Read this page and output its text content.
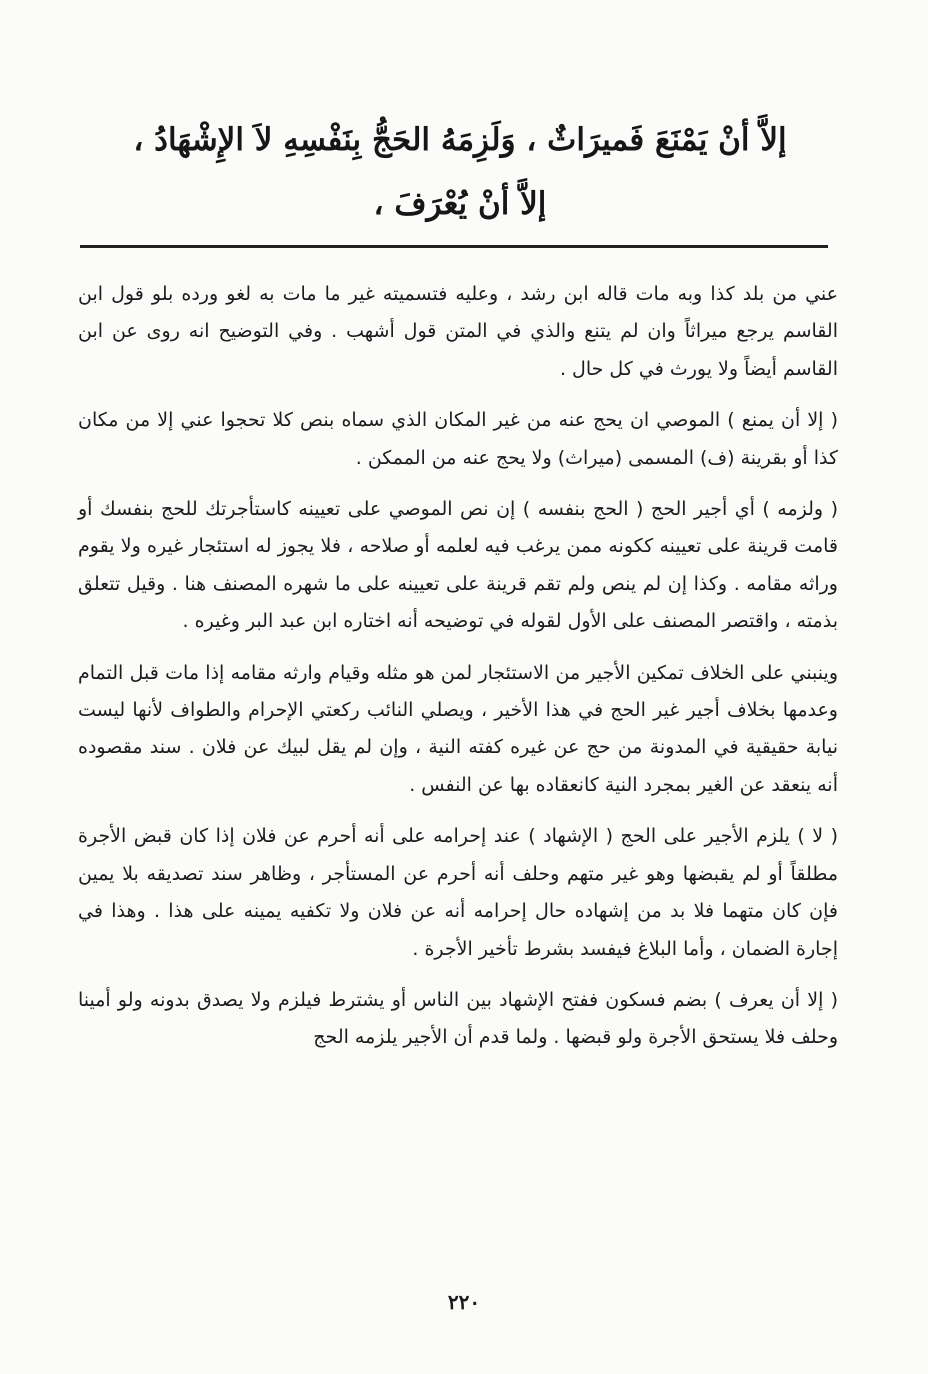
إلاَّ أنْ يَمْنَعَ فَميرَاثٌ ، وَلَزِمَهُ الحَجُّ بِنَفْسِهِ لاَ الإِشْهَادُ ،

إلاَّ أنْ يُعْرَفَ ،

عني من بلد كذا وبه مات قاله ابن رشد ، وعليه فتسميته غير ما مات به لغو ورده بلو قول ابن القاسم يرجع ميراثاً وان لم يتنع والذي في المتن قول أشهب . وفي التوضيح انه روى عن ابن القاسم أيضاً ولا يورث في كل حال .

( إلا أن يمنع ) الموصي ان يحج عنه من غير المكان الذي سماه بنص كلا تحجوا عني إلا من مكان كذا أو بقرينة (ف) المسمى (ميراث) ولا يحج عنه من الممكن .

( ولزمه ) أي أجير الحج ( الحج بنفسه ) إن نص الموصي على تعيينه كاستأجرتك للحج بنفسك أو قامت قرينة على تعيينه ككونه ممن يرغب فيه لعلمه أو صلاحه ، فلا يجوز له استئجار غيره ولا يقوم وراثه مقامه . وكذا إن لم ينص ولم تقم قرينة على تعيينه على ما شهره المصنف هنا . وقيل تتعلق بذمته ، واقتصر المصنف على الأول لقوله في توضيحه أنه اختاره ابن عبد البر وغيره .

وينبني على الخلاف تمكين الأجير من الاستئجار لمن هو مثله وقيام وارثه مقامه إذا مات قبل التمام وعدمها بخلاف أجير غير الحج في هذا الأخير ، ويصلي النائب ركعتي الإحرام والطواف لأنها ليست نيابة حقيقية في المدونة من حج عن غيره كفته النية ، وإن لم يقل لبيك عن فلان . سند مقصوده أنه ينعقد عن الغير بمجرد النية كانعقاده بها عن النفس .

( لا ) يلزم الأجير على الحج ( الإشهاد ) عند إحرامه على أنه أحرم عن فلان إذا كان قبض الأجرة مطلقاً أو لم يقبضها وهو غير متهم وحلف أنه أحرم عن المستأجر ، وظاهر سند تصديقه بلا يمين فإن كان متهما فلا بد من إشهاده حال إحرامه أنه عن فلان ولا تكفيه يمينه على هذا . وهذا في إجارة الضمان ، وأما البلاغ فيفسد بشرط تأخير الأجرة .

( إلا أن يعرف ) بضم فسكون ففتح الإشهاد بين الناس أو يشترط فيلزم ولا يصدق بدونه ولو أمينا وحلف فلا يستحق الأجرة ولو قبضها . ولما قدم أن الأجير يلزمه الحج

٢٢٠
